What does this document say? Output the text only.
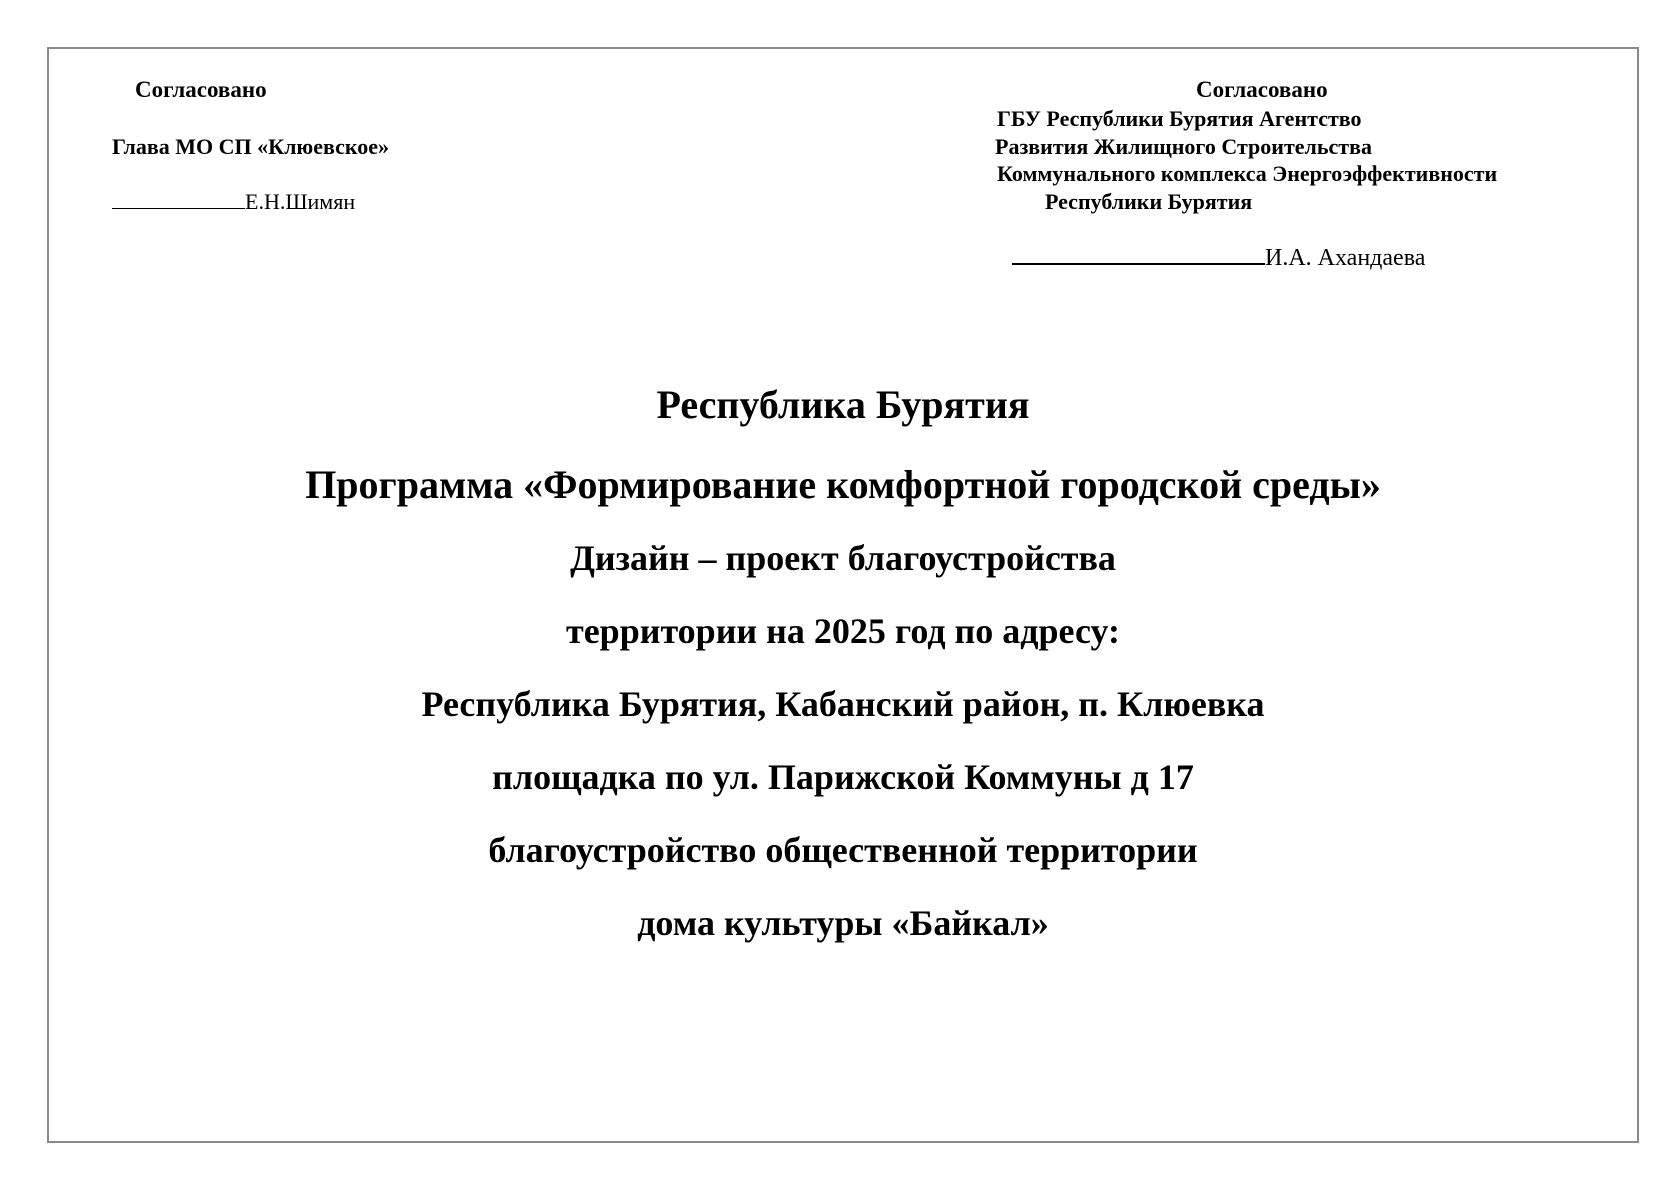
Согласовано
Глава МО СП «Клюевское»
Е.Н.Шимян
Согласовано
ГБУ Республики Бурятия Агентство
Развития Жилищного Строительства
Коммунального комплекса Энергоэффективности
Республики Бурятия
И.А. Ахандаева
Республика Бурятия
Программа «Формирование комфортной городской среды»
Дизайн – проект благоустройства
территории на 2025 год по адресу:
Республика Бурятия, Кабанский район, п. Клюевка
площадка по ул. Парижской Коммуны д 17
благоустройство общественной территории
дома культуры «Байкал»
